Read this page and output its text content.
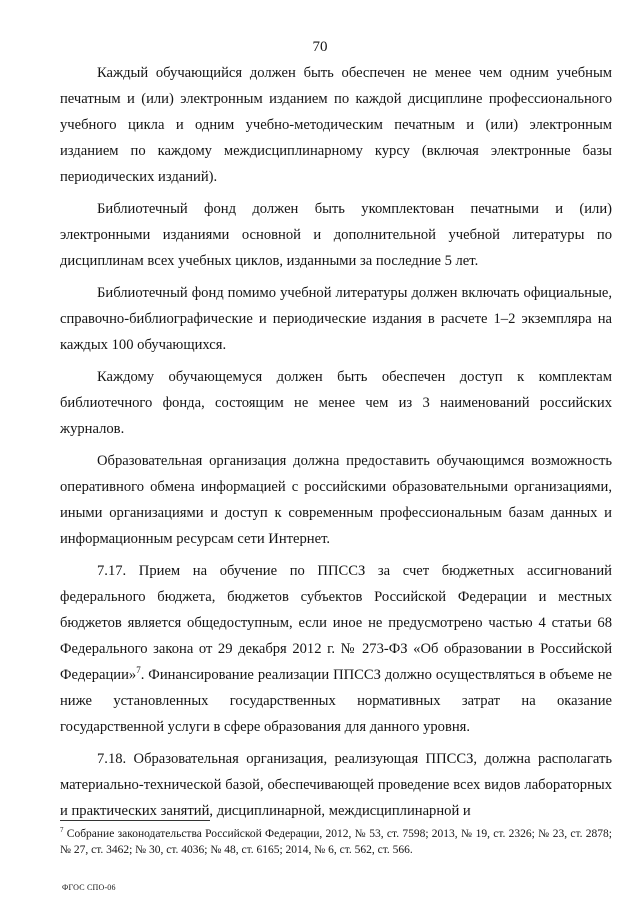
70

Каждый обучающийся должен быть обеспечен не менее чем одним учебным печатным и (или) электронным изданием по каждой дисциплине профессионального учебного цикла и одним учебно-методическим печатным и (или) электронным изданием по каждому междисциплинарному курсу (включая электронные базы периодических изданий).

Библиотечный фонд должен быть укомплектован печатными и (или) электронными изданиями основной и дополнительной учебной литературы по дисциплинам всех учебных циклов, изданными за последние 5 лет.

Библиотечный фонд помимо учебной литературы должен включать официальные, справочно-библиографические и периодические издания в расчете 1–2 экземпляра на каждых 100 обучающихся.

Каждому обучающемуся должен быть обеспечен доступ к комплектам библиотечного фонда, состоящим не менее чем из 3 наименований российских журналов.

Образовательная организация должна предоставить обучающимся возможность оперативного обмена информацией с российскими образовательными организациями, иными организациями и доступ к современным профессиональным базам данных и информационным ресурсам сети Интернет.

7.17. Прием на обучение по ППССЗ за счет бюджетных ассигнований федерального бюджета, бюджетов субъектов Российской Федерации и местных бюджетов является общедоступным, если иное не предусмотрено частью 4 статьи 68 Федерального закона от 29 декабря 2012 г. № 273-ФЗ «Об образовании в Российской Федерации»$^7$. Финансирование реализации ППССЗ должно осуществляться в объеме не ниже установленных государственных нормативных затрат на оказание государственной услуги в сфере образования для данного уровня.

7.18. Образовательная организация, реализующая ППССЗ, должна располагать материально-технической базой, обеспечивающей проведение всех видов лабораторных и практических занятий, дисциплинарной, междисциплинарной и

$^7$ Собрание законодательства Российской Федерации, 2012, № 53, ст. 7598; 2013, № 19, ст. 2326; № 23, ст. 2878; № 27, ст. 3462; № 30, ст. 4036; № 48, ст. 6165; 2014, № 6, ст. 562, ст. 566.
ФГОС СПО-06
